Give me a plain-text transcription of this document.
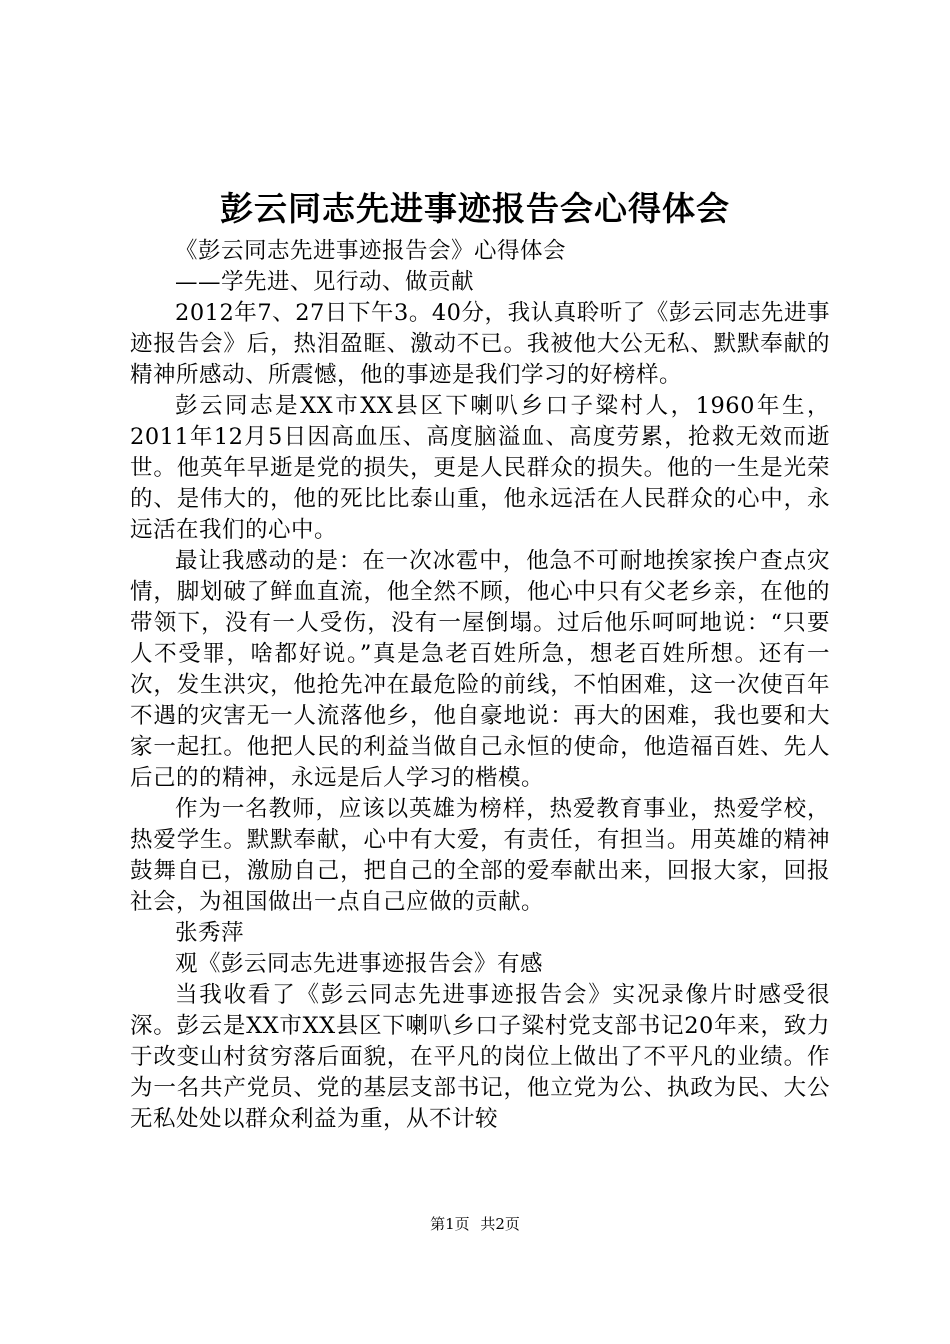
彭云同志先进事迹报告会心得体会

《彭云同志先进事迹报告会》心得体会

——学先进、见行动、做贡献

2012年7、27日下午3。40分，我认真聆听了《彭云同志先进事迹报告会》后，热泪盈眶、激动不已。我被他大公无私、默默奉献的精神所感动、所震憾，他的事迹是我们学习的好榜样。

彭云同志是XX市XX县区下喇叭乡口子粱村人，1960年生，2011年12月5日因高血压、高度脑溢血、高度劳累，抢救无效而逝世。他英年早逝是党的损失，更是人民群众的损失。他的一生是光荣的、是伟大的，他的死比比泰山重，他永远活在人民群众的心中，永远活在我们的心中。

最让我感动的是：在一次冰雹中，他急不可耐地挨家挨户查点灾情，脚划破了鲜血直流，他全然不顾，他心中只有父老乡亲，在他的带领下，没有一人受伤，没有一屋倒塌。过后他乐呵呵地说：“只要人不受罪，啥都好说。”真是急老百姓所急，想老百姓所想。还有一次，发生洪灾，他抢先冲在最危险的前线，不怕困难，这一次使百年不遇的灾害无一人流落他乡，他自豪地说：再大的困难，我也要和大家一起扛。他把人民的利益当做自己永恒的使命，他造福百姓、先人后己的的精神，永远是后人学习的楷模。

作为一名教师，应该以英雄为榜样，热爱教育事业，热爱学校，热爱学生。默默奉献，心中有大爱，有责任，有担当。用英雄的精神鼓舞自已，激励自己，把自己的全部的爱奉献出来，回报大家，回报社会，为祖国做出一点自己应做的贡献。

张秀萍

观《彭云同志先进事迹报告会》有感

当我收看了《彭云同志先进事迹报告会》实况录像片时感受很深。彭云是XX市XX县区下喇叭乡口子粱村党支部书记20年来，致力于改变山村贫穷落后面貌，在平凡的岗位上做出了不平凡的业绩。作为一名共产党员、党的基层支部书记，他立党为公、执政为民、大公无私处处以群众利益为重，从不计较

第1页 共2页
